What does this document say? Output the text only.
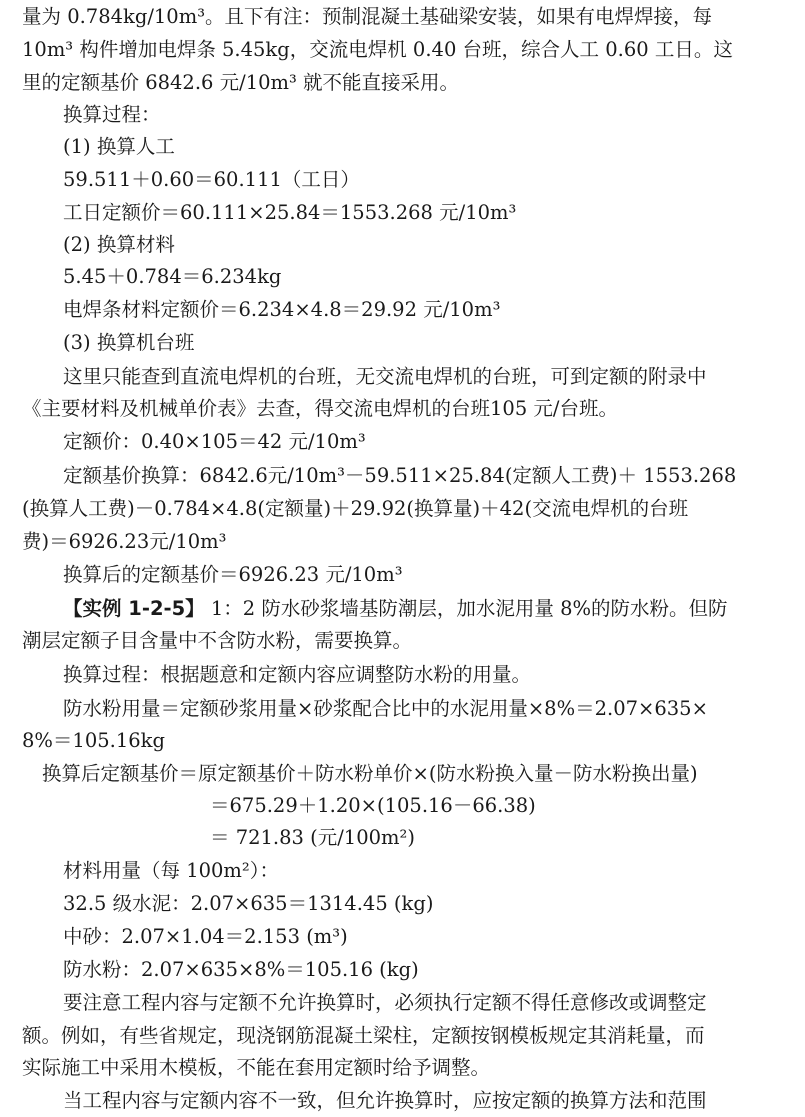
量为 0.784kg/10m³。且下有注：预制混凝土基础梁安装，如果有电焊焊接，每
10m³ 构件增加电焊条 5.45kg，交流电焊机 0.40 台班，综合人工 0.60 工日。这
里的定额基价 6842.6 元/10m³ 就不能直接采用。
换算过程：
(1) 换算人工
59.511＋0.60＝60.111（工日）
工日定额价＝60.111×25.84＝1553.268 元/10m³
(2) 换算材料
5.45＋0.784＝6.234kg
电焊条材料定额价＝6.234×4.8＝29.92 元/10m³
(3) 换算机台班
这里只能查到直流电焊机的台班，无交流电焊机的台班，可到定额的附录中
《主要材料及机械单价表》去查，得交流电焊机的台班105 元/台班。
定额价：0.40×105＝42 元/10m³
定额基价换算：6842.6元/10m³－59.511×25.84(定额人工费)＋ 1553.268
(换算人工费)－0.784×4.8(定额量)＋29.92(换算量)＋42(交流电焊机的台班
费)＝6926.23元/10m³
换算后的定额基价＝6926.23 元/10m³
【实例 1-2-5】 1：2 防水砂浆墙基防潮层，加水泥用量 8%的防水粉。但防
潮层定额子目含量中不含防水粉，需要换算。
换算过程：根据题意和定额内容应调整防水粉的用量。
防水粉用量＝定额砂浆用量×砂浆配合比中的水泥用量×8%＝2.07×635×
8%＝105.16kg
换算后定额基价＝原定额基价＋防水粉单价×(防水粉换入量－防水粉换出量)
＝675.29＋1.20×(105.16－66.38)
＝ 721.83 (元/100m²)
材料用量（每 100m²）：
32.5 级水泥：2.07×635＝1314.45 (kg)
中砂：2.07×1.04＝2.153 (m³)
防水粉：2.07×635×8%＝105.16 (kg)
要注意工程内容与定额不允许换算时，必须执行定额不得任意修改或调整定
额。例如，有些省规定，现浇钢筋混凝土梁柱，定额按钢模板规定其消耗量，而
实际施工中采用木模板，不能在套用定额时给予调整。
当工程内容与定额内容不一致，但允许换算时，应按定额的换算方法和范围
